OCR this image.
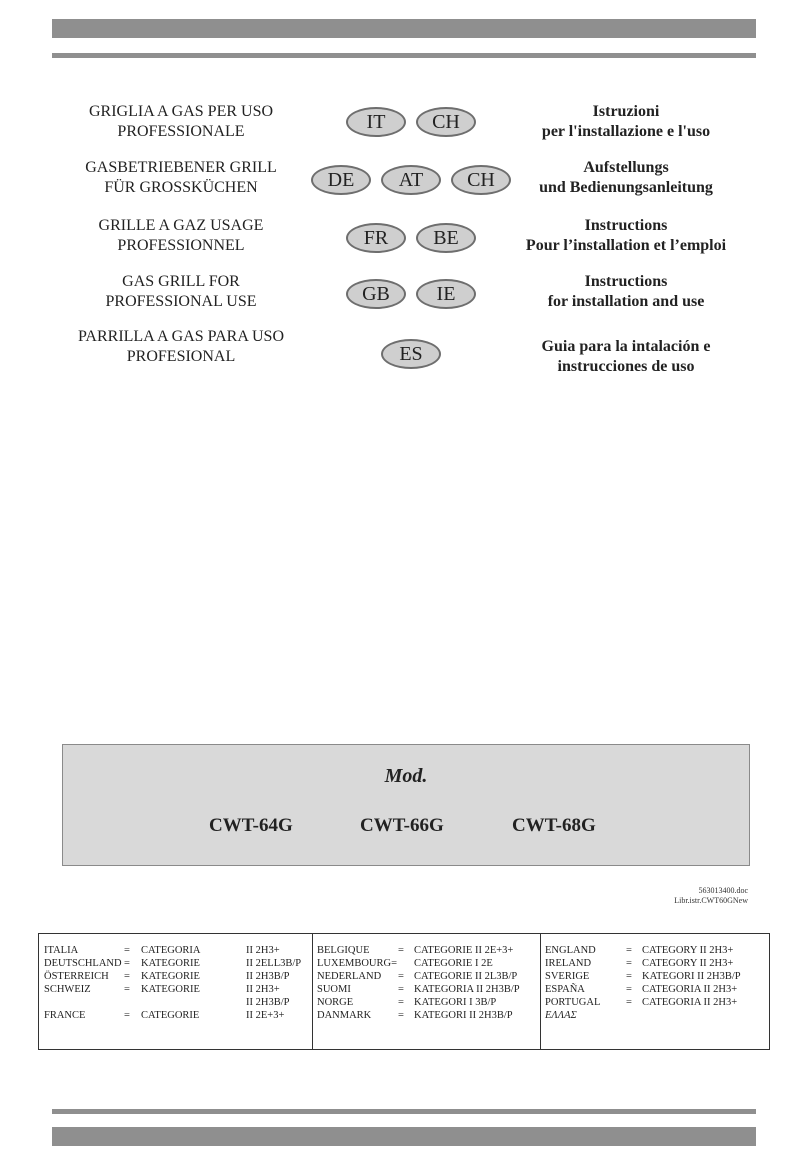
GRIGLIA A GAS PER USO
PROFESSIONALE	IT	CH	Istruzioni
per l'installazione e l'uso
GASBETRIEBENER GRILL
FÜR GROSSKÜCHEN	DE	AT	CH
Aufstellungs
und Bedienungsanleitung
GRILLE A GAZ USAGE
PROFESSIONNEL	FR	BE
Instructions
Pour l’installation et l’emploi
GAS GRILL FOR
PROFESSIONAL USE	GB	IE
Instructions
for installation and use
PARRILLA A GAS PARA USO
PROFESIONAL	ES	Guia para la intalación e
instrucciones de uso
Mod.
CWT-64G	CWT-66G	CWT-68G
563013400.doc
Libr.istr.CWT60GNew
ITALIA	= CATEGORIA	II 2H3+
DEUTSCHLAND = KATEGORIE	II 2ELL3B/P
ÖSTERREICH = KATEGORIE	II 2H3B/P
SCHWEIZ	= KATEGORIE	II 2H3+
II 2H3B/P
FRANCE	= CATEGORIE	II 2E+3+
BELGIQUE	= CATEGORIE II 2E+3+
LUXEMBOURG= CATEGORIE I 2E
NEDERLAND = CATEGORIE II 2L3B/P
SUOMI	= KATEGORIA II 2H3B/P
NORGE	= KATEGORI I 3B/P
DANMARK	= KATEGORI II 2H3B/P
ENGLAND	= CATEGORY II 2H3+
IRELAND	= CATEGORY II 2H3+
SVERIGE	= KATEGORI II 2H3B/P
ESPAÑA	= CATEGORIA II 2H3+
PORTUGAL = CATEGORIA II 2H3+
ΕΛΛΑΣ
